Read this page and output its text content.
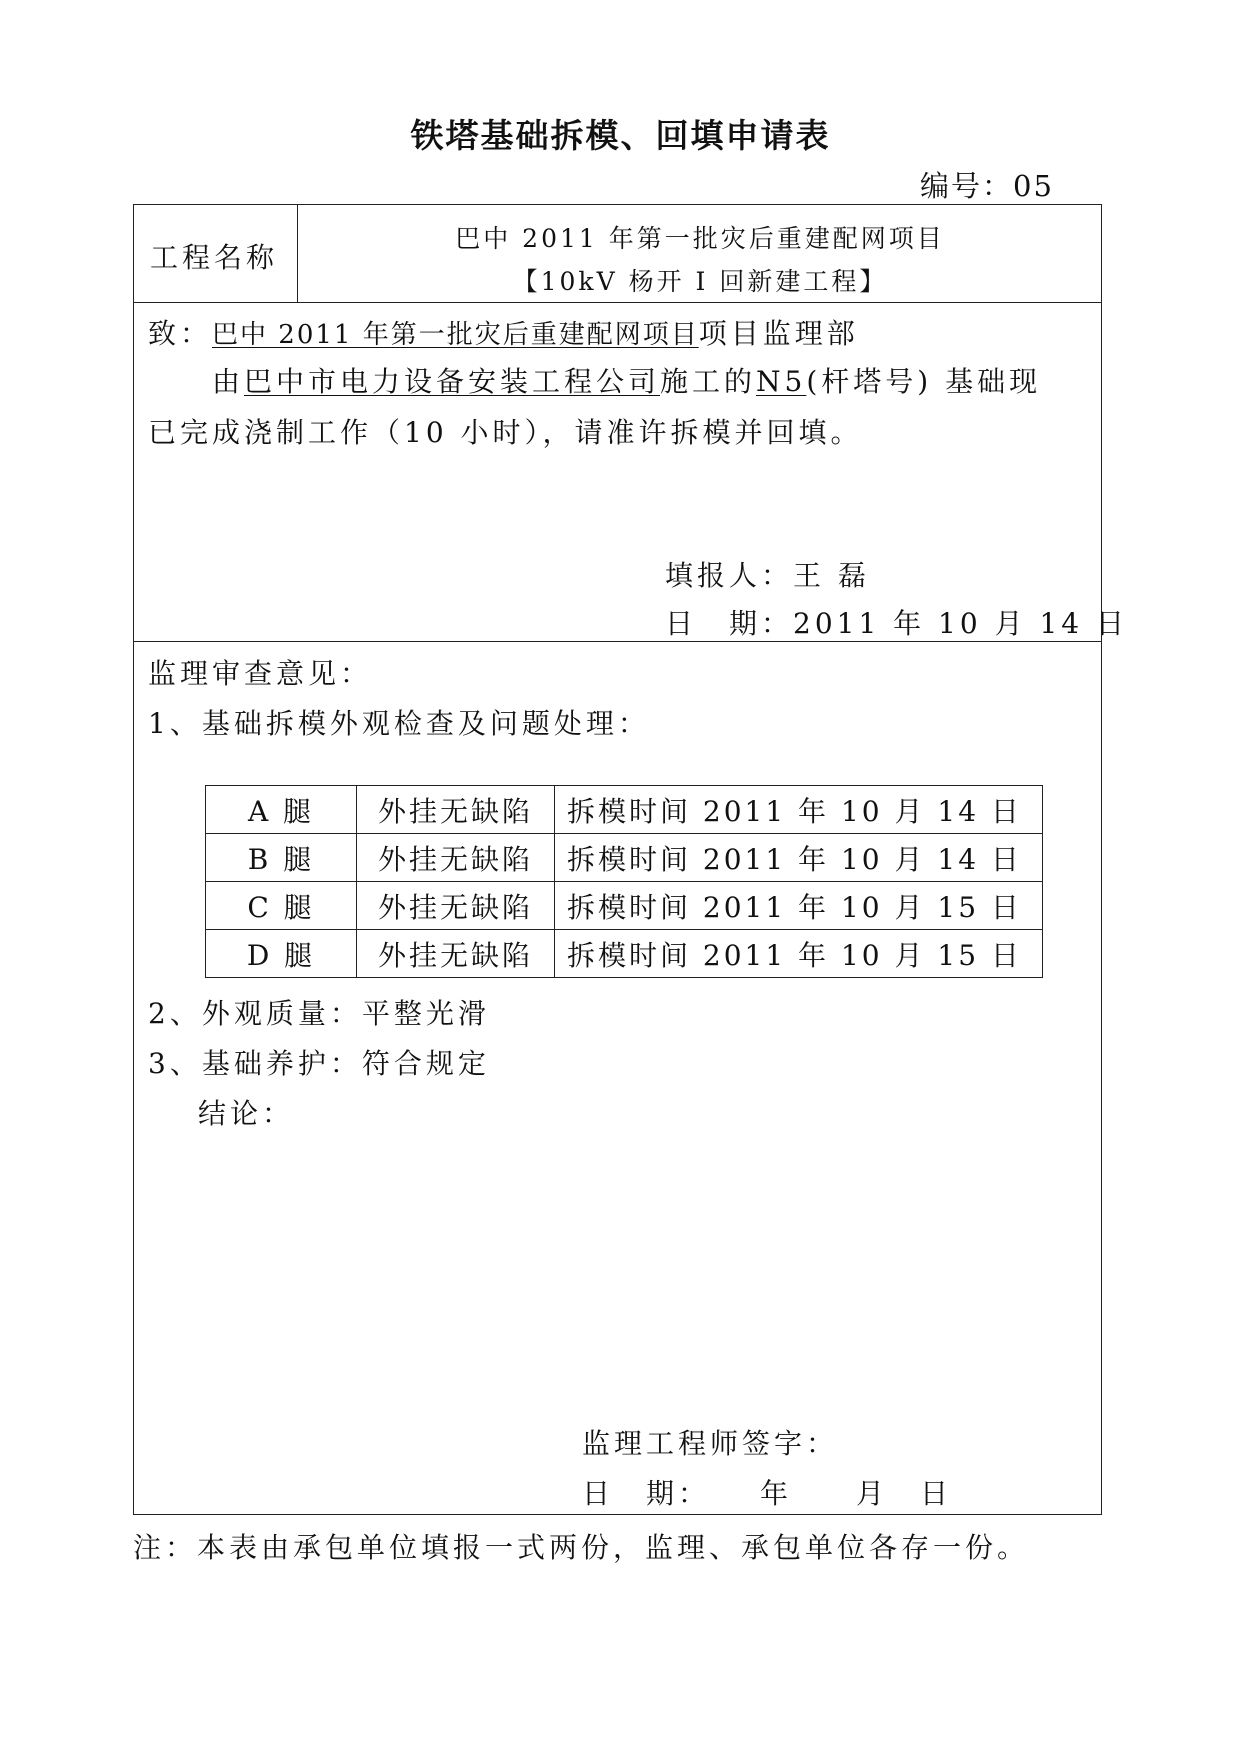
铁塔基础拆模、回填申请表
编号：05
工程名称
巴中 2011 年第一批灾后重建配网项目
【10kV 杨开 I 回新建工程】
致：巴中 2011 年第一批灾后重建配网项目项目监理部
由巴中市电力设备安装工程公司施工的N5(杆塔号) 基础现
已完成浇制工作（10 小时），请准许拆模并回填。
填报人：王 磊
日　期：2011 年 10 月 14 日
监理审查意见：
1、基础拆模外观检查及问题处理：
A 腿	外挂无缺陷	拆模时间 2011 年 10 月 14 日
B 腿	外挂无缺陷	拆模时间 2011 年 10 月 14 日
C 腿	外挂无缺陷	拆模时间 2011 年 10 月 15 日
D 腿	外挂无缺陷	拆模时间 2011 年 10 月 15 日
2、外观质量：平整光滑
3、基础养护：符合规定
结论：
监理工程师签字：
日　期：　　年　　月　日
注：本表由承包单位填报一式两份，监理、承包单位各存一份。
